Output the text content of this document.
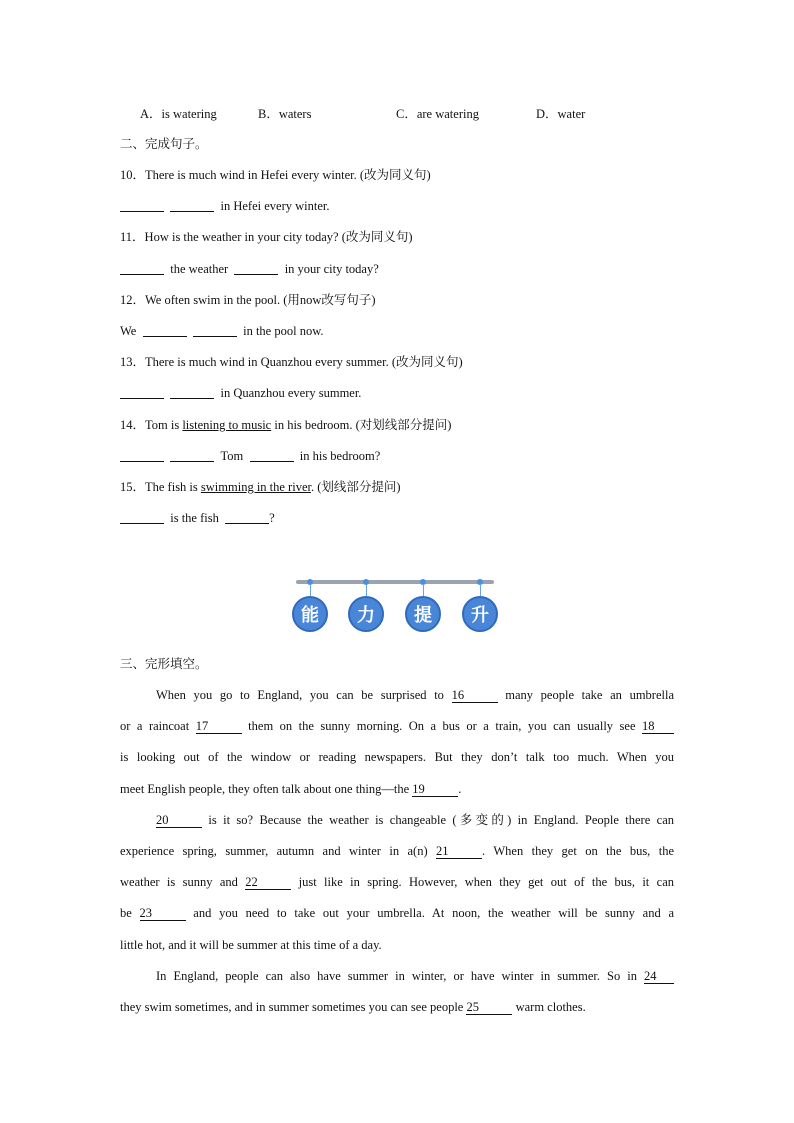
A．is watering	B．waters	C．are watering	D．water
二、完成句子。
10．There is much wind in Hefei every winter. (改为同义句)
in Hefei every winter.
11．How is the weather in your city today? (改为同义句)
the weather	in your city today?
12．We often swim in the pool. (用now改写句子)
We	in the pool now.
13．There is much wind in Quanzhou every summer. (改为同义句)
in Quanzhou every summer.
14．Tom is listening to music in his bedroom. (对划线部分提问)
Tom	in his bedroom?
15．The fish is swimming in the river. (划线部分提问)
is the fish	?
能	力	提	升
三、完形填空。
When you go to England, you can be surprised to 16	many people take an umbrella
or a raincoat 17	them on the sunny morning. On a bus or a train, you can usually see 18
is looking out of the window or reading newspapers. But they don’t talk too much. When you
meet English people, they often talk about one thing—the 19	.
20	is it so? Because the weather is changeable (多变的) in England. People there can
experience spring, summer, autumn and winter in a(n) 21	. When they get on the bus, the
weather is sunny and 22	just like in spring. However, when they get out of the bus, it can
be 23	and you need to take out your umbrella. At noon, the weather will be sunny and a
little hot, and it will be summer at this time of a day.
In England, people can also have summer in winter, or have winter in summer. So in 24
they swim sometimes, and in summer sometimes you can see people 25	warm clothes.
